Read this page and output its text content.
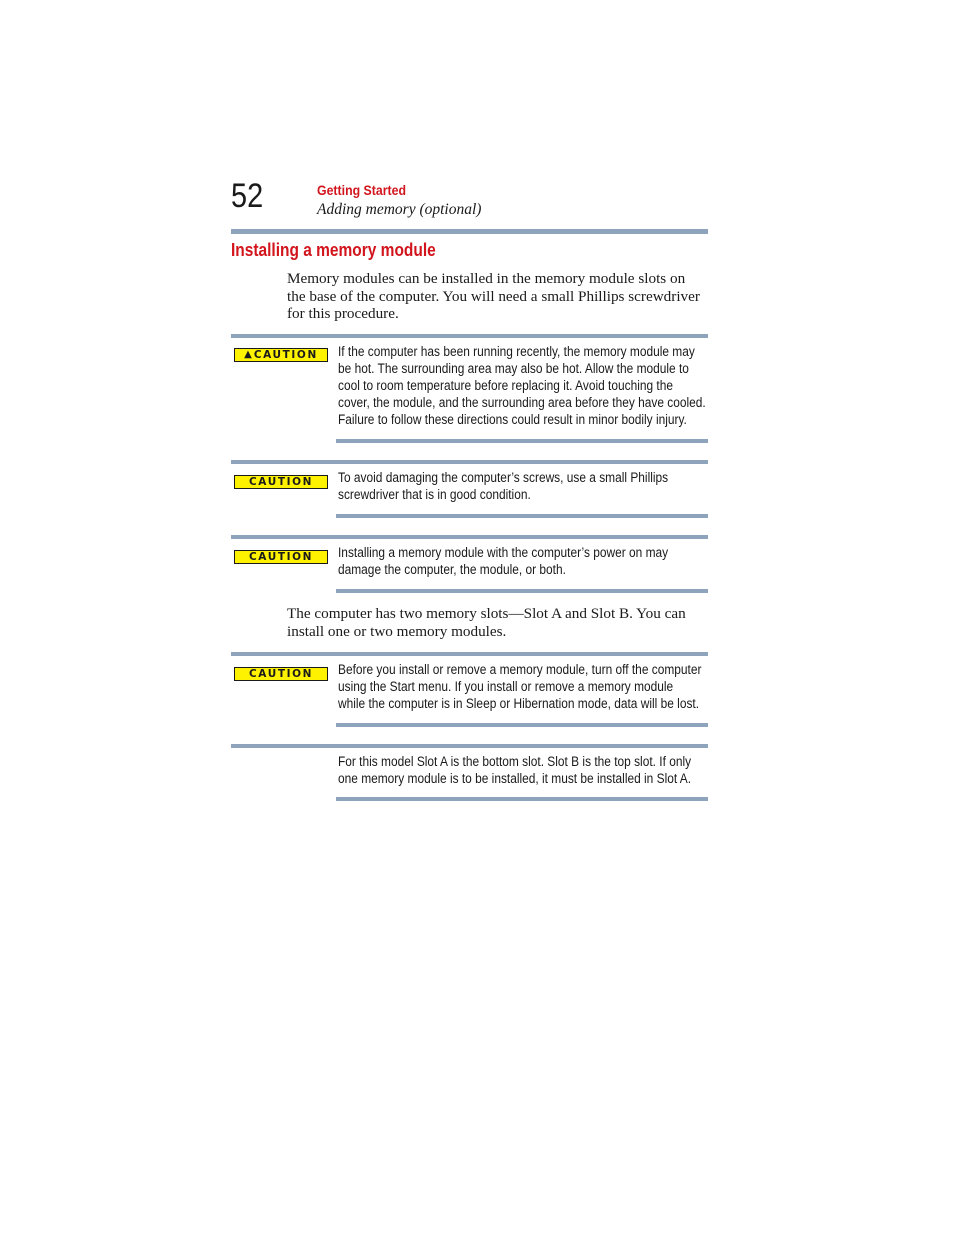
52	Getting Started
Adding memory (optional)
Installing a memory module

Memory modules can be installed in the memory module slots on

the base of the computer. You will need a small Phillips screwdriver

for this procedure.

▲ CAUTION If the computer has been running recently, the memory module may

be hot. The surrounding area may also be hot. Allow the module to

cool to room temperature before replacing it. Avoid touching the

cover, the module, and the surrounding area before they have cooled.

Failure to follow these directions could result in minor bodily injury.

CAUTION To avoid damaging the computer’s screws, use a small Phillips

screwdriver that is in good condition.

CAUTION Installing a memory module with the computer’s power on may

damage the computer, the module, or both.

The computer has two memory slots—Slot A and Slot B. You can

install one or two memory modules.

CAUTION Before you install or remove a memory module, turn off the computer

using the Start menu. If you install or remove a memory module

while the computer is in Sleep or Hibernation mode, data will be lost.

For this model Slot A is the bottom slot. Slot B is the top slot. If only

one memory module is to be installed, it must be installed in Slot A.
